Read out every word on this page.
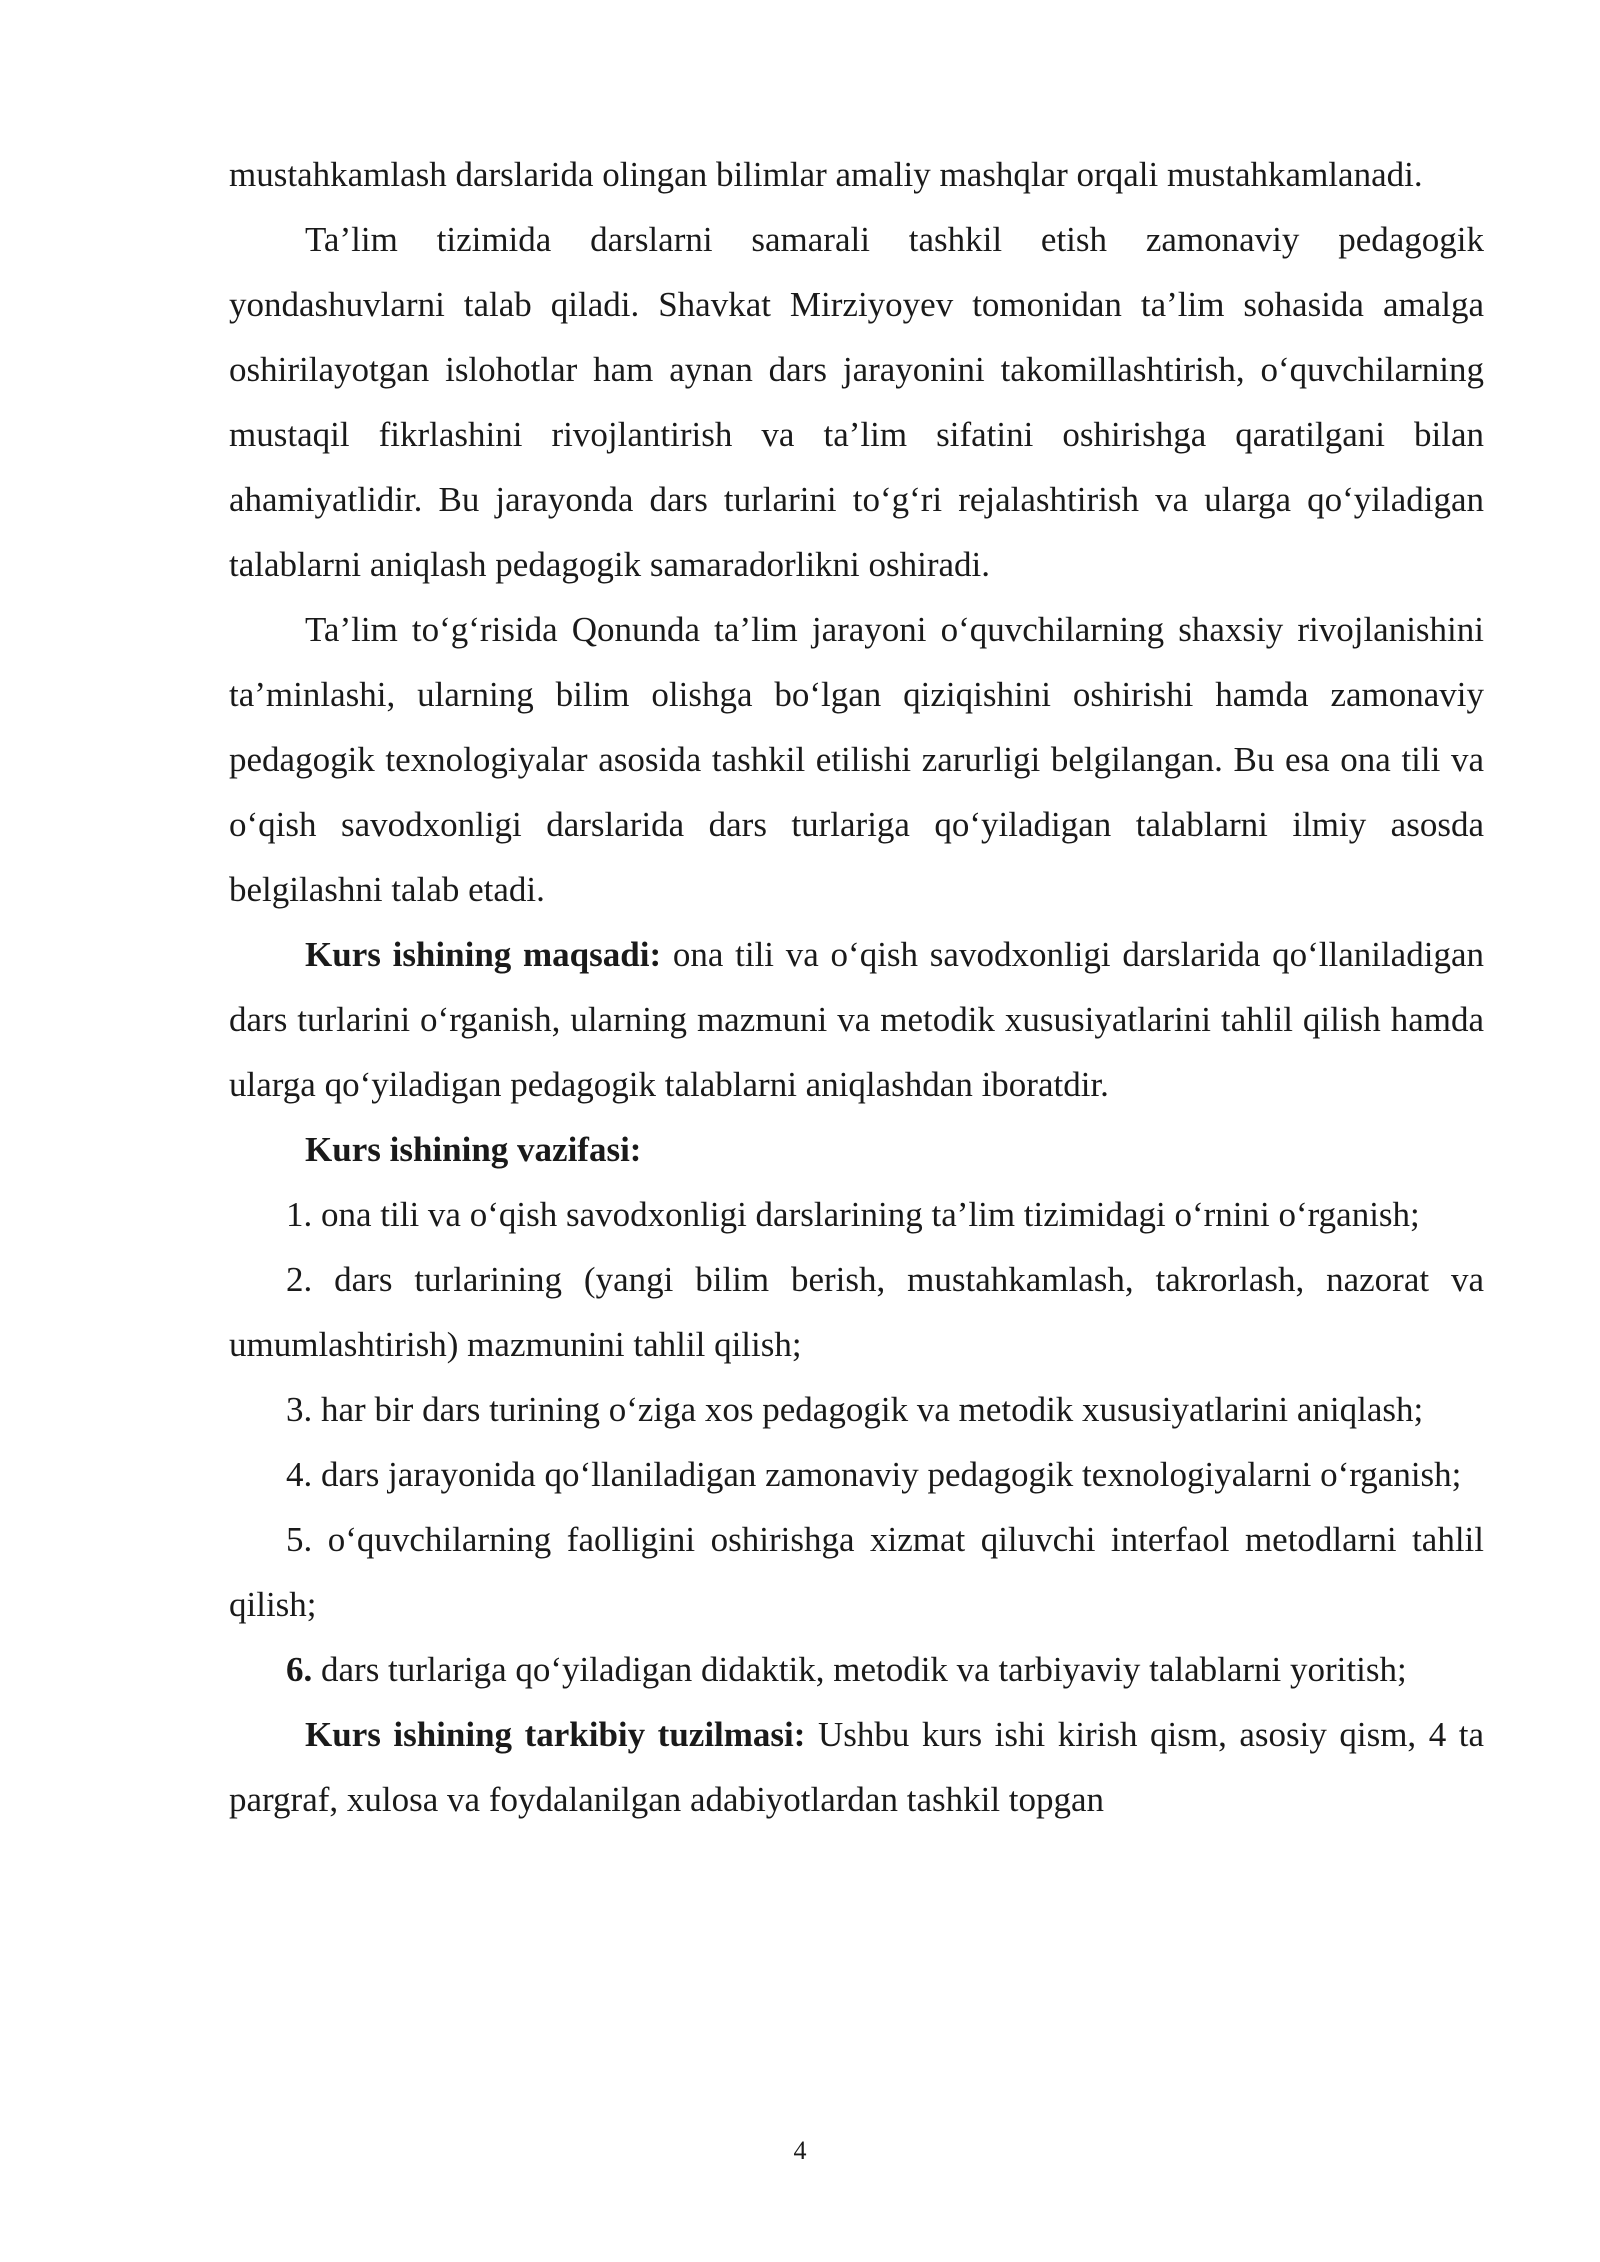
mustahkamlash darslarida olingan bilimlar amaliy mashqlar orqali mustahkamlanadi.

Ta’lim tizimida darslarni samarali tashkil etish zamonaviy pedagogik yondashuvlarni talab qiladi. Shavkat Mirziyoyev tomonidan ta’lim sohasida amalga oshirilayotgan islohotlar ham aynan dars jarayonini takomillashtirish, o‘quvchilarning mustaqil fikrlashini rivojlantirish va ta’lim sifatini oshirishga qaratilgani bilan ahamiyatlidir. Bu jarayonda dars turlarini to‘g‘ri rejalashtirish va ularga qo‘yiladigan talablarni aniqlash pedagogik samaradorlikni oshiradi.

Ta’lim to‘g‘risida Qonunda ta’lim jarayoni o‘quvchilarning shaxsiy rivojlanishini ta’minlashi, ularning bilim olishga bo‘lgan qiziqishini oshirishi hamda zamonaviy pedagogik texnologiyalar asosida tashkil etilishi zarurligi belgilangan. Bu esa ona tili va o‘qish savodxonligi darslarida dars turlariga qo‘yiladigan talablarni ilmiy asosda belgilashni talab etadi.

Kurs ishining maqsadi: ona tili va o‘qish savodxonligi darslarida qo‘llaniladigan dars turlarini o‘rganish, ularning mazmuni va metodik xususiyatlarini tahlil qilish hamda ularga qo‘yiladigan pedagogik talablarni aniqlashdan iboratdir.

Kurs ishining vazifasi:

1. ona tili va o‘qish savodxonligi darslarining ta’lim tizimidagi o‘rnini o‘rganish;

2. dars turlarining (yangi bilim berish, mustahkamlash, takrorlash, nazorat va umumlashtirish) mazmunini tahlil qilish;

3. har bir dars turining o‘ziga xos pedagogik va metodik xususiyatlarini aniqlash;

4. dars jarayonida qo‘llaniladigan zamonaviy pedagogik texnologiyalarni o‘rganish;

5. o‘quvchilarning faolligini oshirishga xizmat qiluvchi interfaol metodlarni tahlil qilish;

6. dars turlariga qo‘yiladigan didaktik, metodik va tarbiyaviy talablarni yoritish;

Kurs ishining tarkibiy tuzilmasi: Ushbu kurs ishi kirish qism, asosiy qism, 4 ta pargraf, xulosa va foydalanilgan adabiyotlardan tashkil topgan

4
